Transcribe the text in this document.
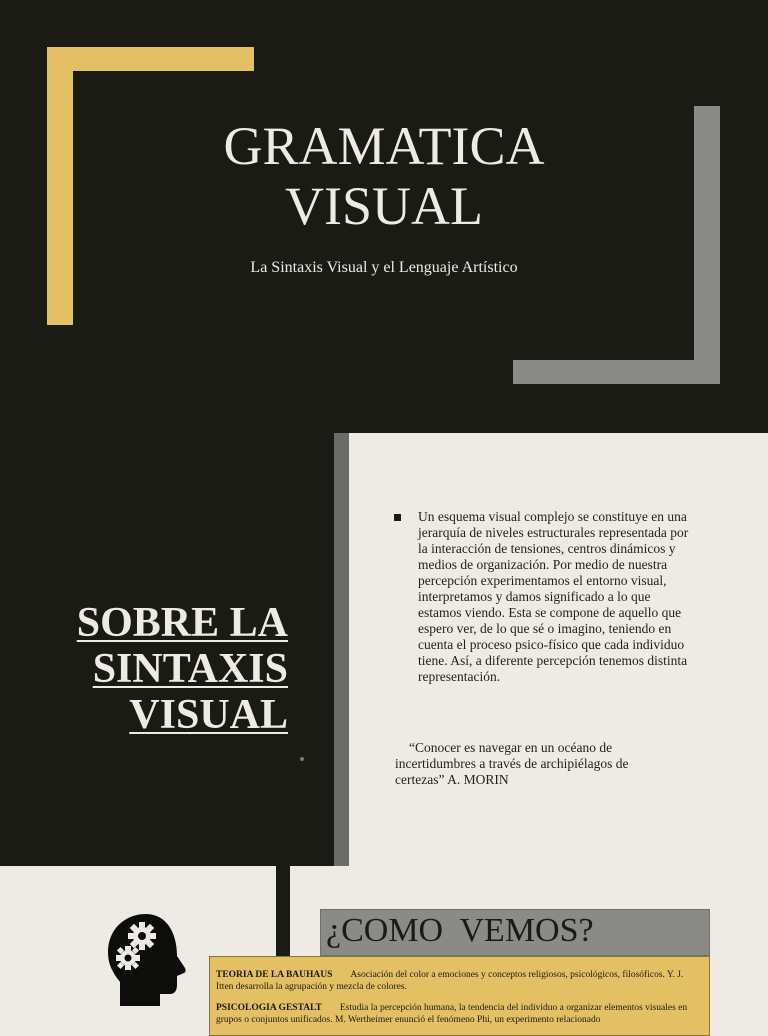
GRAMATICA
VISUAL

La Sintaxis Visual y el Lenguaje Artístico

SOBRE LA
SINTAXIS
VISUAL

Un esquema visual complejo se constituye en una jerarquía de niveles estructurales representada por la interacción de tensiones, centros dinámicos y medios de organización. Por medio de nuestra percepción experimentamos el entorno visual, interpretamos y damos significado a lo que estamos viendo. Esta se compone de aquello que espero ver, de lo que sé o imagino, teniendo en cuenta el proceso psico-físico que cada individuo tiene. Así, a diferente percepción tenemos distinta representación.

“Conocer es navegar en un océano de incertidumbres a través de archipiélagos de certezas” A. MORIN

¿COMO  VEMOS?

TEORIA DE LA BAUHAUS Asociación del color a emociones y conceptos religiosos, psicológicos, filosóficos. Y. J. Itten desarrolla la agrupación y mezcla de colores.

PSICOLOGIA GESTALT Estudia la percepción humana, la tendencia del individuo a organizar elementos visuales en grupos o conjuntos unificados. M. Wertheimer enunció el fenómeno Phi, un experimento relacionado
